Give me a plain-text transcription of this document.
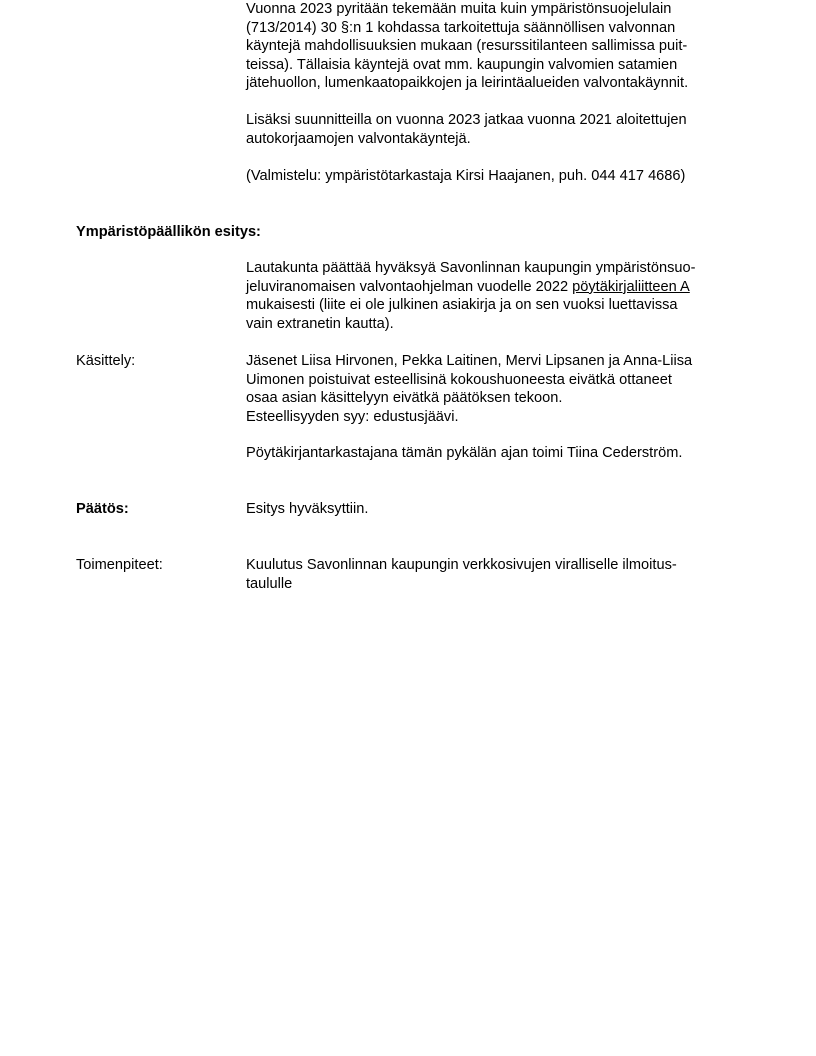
Vuonna 2023 pyritään tekemään muita kuin ympäristönsuojelulain
(713/2014) 30 §:n 1 kohdassa tarkoitettuja säännöllisen valvonnan
käyntejä mahdollisuuksien mukaan (resurssitilanteen sallimissa puit-
teissa). Tällaisia käyntejä ovat mm. kaupungin valvomien satamien
jätehuollon, lumenkaatopaikkojen ja leirintäalueiden valvontakäynnit.

Lisäksi suunnitteilla on vuonna 2023 jatkaa vuonna 2021 aloitettujen
autokorjaamojen valvontakäyntejä.

(Valmistelu: ympäristötarkastaja Kirsi Haajanen, puh. 044 417 4686)

Ympäristöpäällikön esitys:

Lautakunta päättää hyväksyä Savonlinnan kaupungin ympäristönsuo-
jeluviranomaisen valvontaohjelman vuodelle 2022 pöytäkirjaliitteen A
mukaisesti (liite ei ole julkinen asiakirja ja on sen vuoksi luettavissa
vain extranetin kautta).

Käsittely:	Jäsenet Liisa Hirvonen, Pekka Laitinen, Mervi Lipsanen ja Anna-Liisa
Uimonen poistuivat esteellisinä kokoushuoneesta eivätkä ottaneet
osaa asian käsittelyyn eivätkä päätöksen tekoon.
Esteellisyyden syy: edustusjäävi.

Pöytäkirjantarkastajana tämän pykälän ajan toimi Tiina Cederström.

Päätös:	Esitys hyväksyttiin.

Toimenpiteet:	Kuulutus Savonlinnan kaupungin verkkosivujen viralliselle ilmoitus-
taululle
